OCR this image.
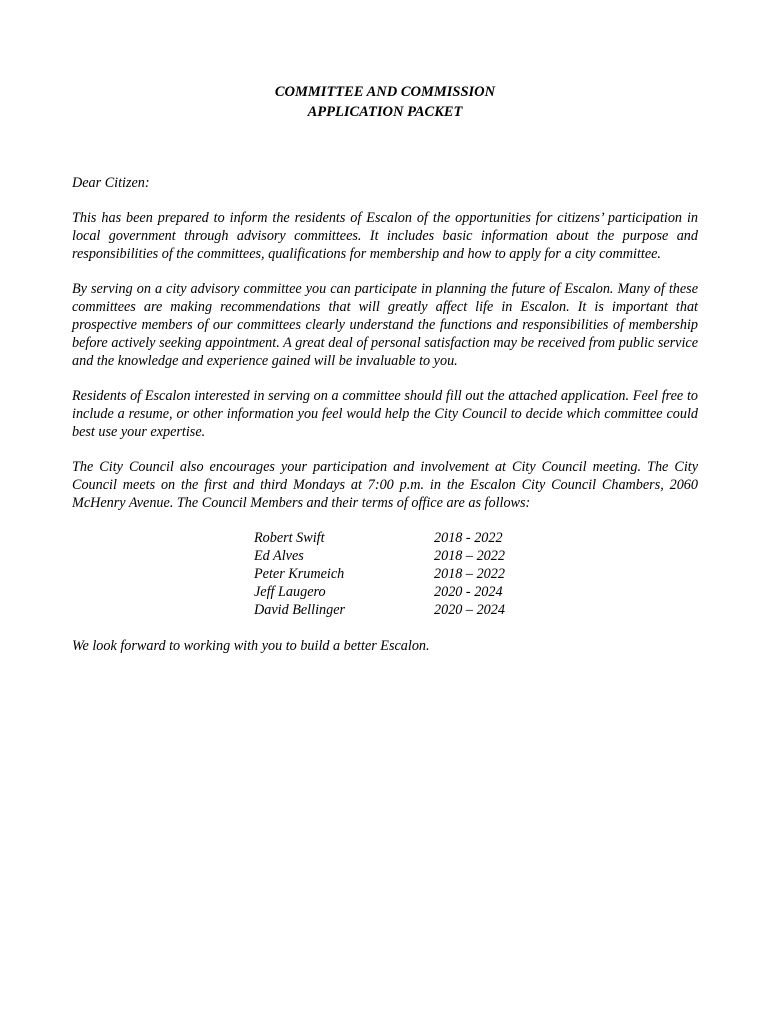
COMMITTEE AND COMMISSION
APPLICATION PACKET

Dear Citizen:

This has been prepared to inform the residents of Escalon of the opportunities for citizens’ participation in local government through advisory committees. It includes basic information about the purpose and responsibilities of the committees, qualifications for membership and how to apply for a city committee.

By serving on a city advisory committee you can participate in planning the future of Escalon. Many of these committees are making recommendations that will greatly affect life in Escalon. It is important that prospective members of our committees clearly understand the functions and responsibilities of membership before actively seeking appointment. A great deal of personal satisfaction may be received from public service and the knowledge and experience gained will be invaluable to you.

Residents of Escalon interested in serving on a committee should fill out the attached application. Feel free to include a resume, or other information you feel would help the City Council to decide which committee could best use your expertise.

The City Council also encourages your participation and involvement at City Council meeting. The City Council meets on the first and third Mondays at 7:00 p.m. in the Escalon City Council Chambers, 2060 McHenry Avenue. The Council Members and their terms of office are as follows:

Robert Swift	2018 - 2022
Ed Alves	2018 – 2022
Peter Krumeich	2018 – 2022
Jeff Laugero	2020 - 2024
David Bellinger	2020 – 2024

We look forward to working with you to build a better Escalon.
